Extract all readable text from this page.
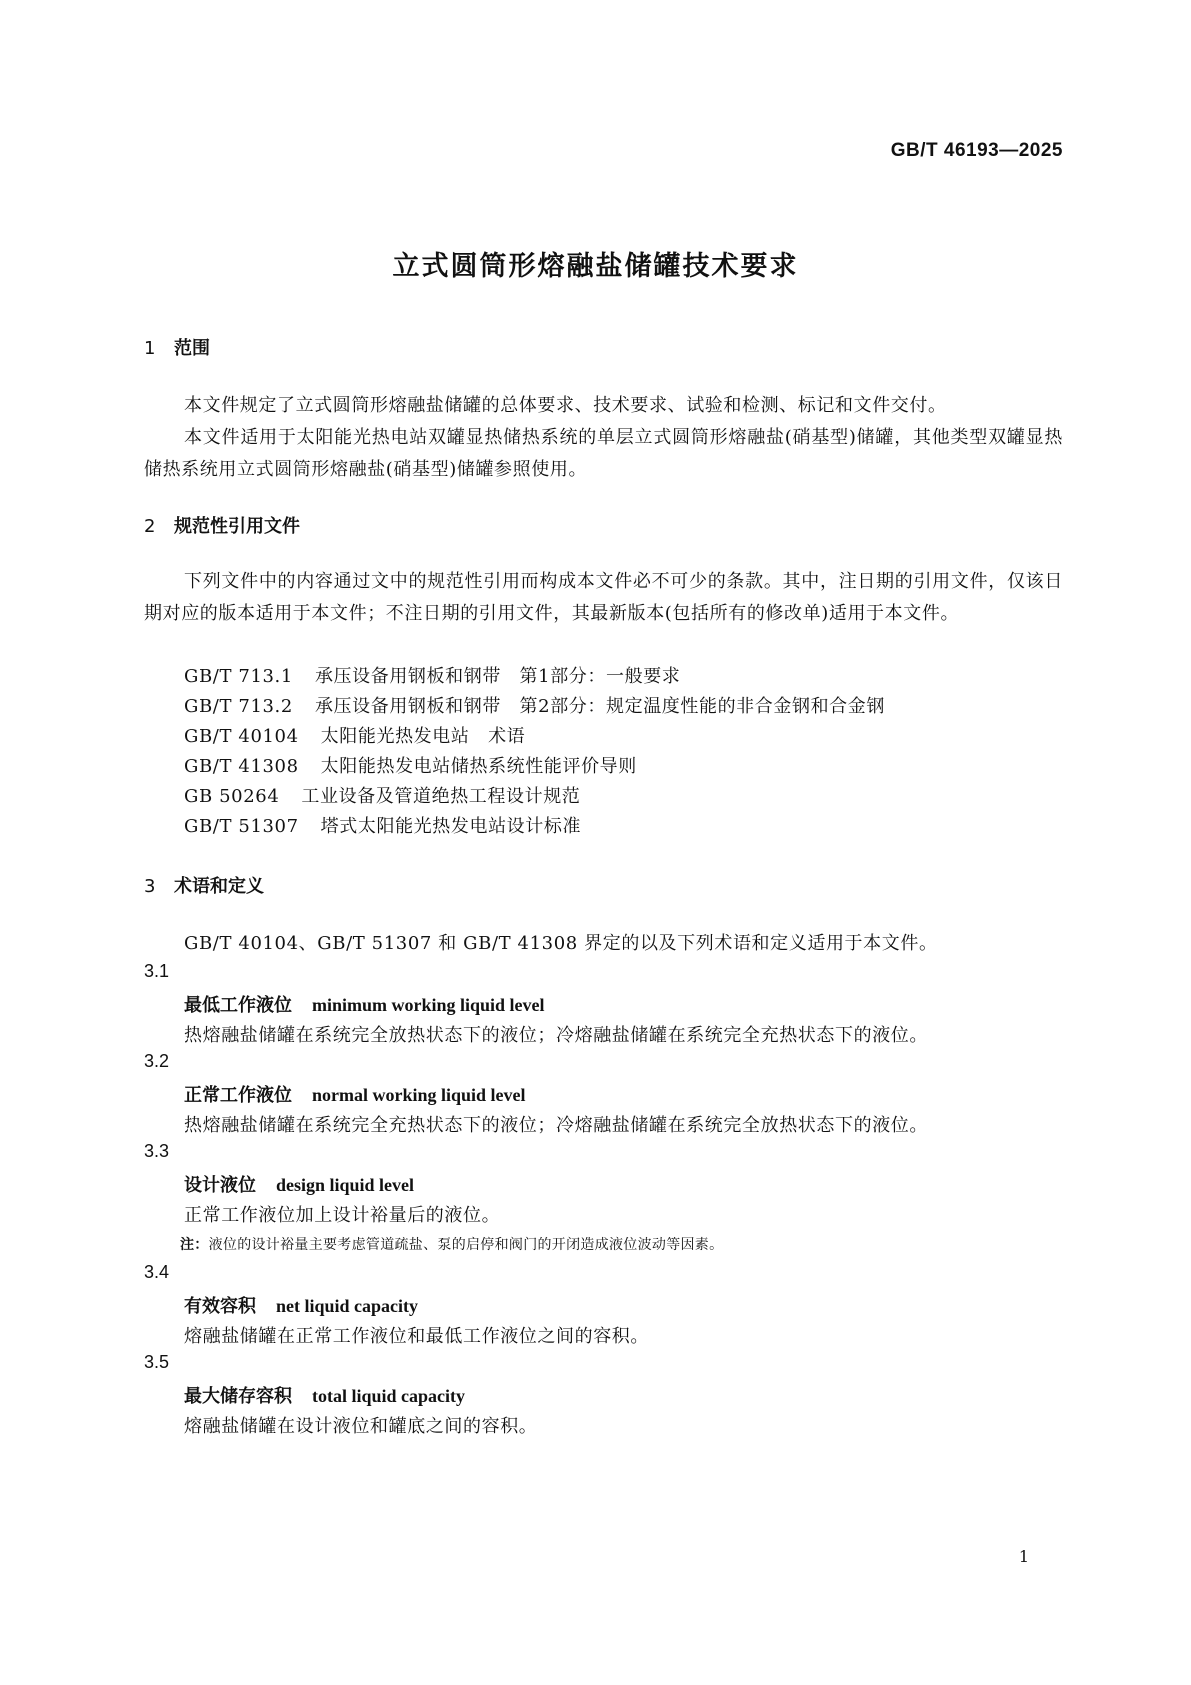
GB/T 46193—2025
立式圆筒形熔融盐储罐技术要求
1 范围
本文件规定了立式圆筒形熔融盐储罐的总体要求、技术要求、试验和检测、标记和文件交付。
本文件适用于太阳能光热电站双罐显热储热系统的单层立式圆筒形熔融盐(硝基型)储罐，其他类型双罐显热储热系统用立式圆筒形熔融盐(硝基型)储罐参照使用。
2 规范性引用文件
下列文件中的内容通过文中的规范性引用而构成本文件必不可少的条款。其中，注日期的引用文件，仅该日期对应的版本适用于本文件；不注日期的引用文件，其最新版本(包括所有的修改单)适用于本文件。
GB/T 713.1 承压设备用钢板和钢带　第1部分：一般要求
GB/T 713.2 承压设备用钢板和钢带　第2部分：规定温度性能的非合金钢和合金钢
GB/T 40104 太阳能光热发电站　术语
GB/T 41308 太阳能热发电站储热系统性能评价导则
GB 50264 工业设备及管道绝热工程设计规范
GB/T 51307 塔式太阳能光热发电站设计标准
3 术语和定义
GB/T 40104、GB/T 51307 和 GB/T 41308 界定的以及下列术语和定义适用于本文件。
3.1
最低工作液位 minimum working liquid level
热熔融盐储罐在系统完全放热状态下的液位；冷熔融盐储罐在系统完全充热状态下的液位。
3.2
正常工作液位 normal working liquid level
热熔融盐储罐在系统完全充热状态下的液位；冷熔融盐储罐在系统完全放热状态下的液位。
3.3
设计液位 design liquid level
正常工作液位加上设计裕量后的液位。
注：液位的设计裕量主要考虑管道疏盐、泵的启停和阀门的开闭造成液位波动等因素。
3.4
有效容积 net liquid capacity
熔融盐储罐在正常工作液位和最低工作液位之间的容积。
3.5
最大储存容积 total liquid capacity
熔融盐储罐在设计液位和罐底之间的容积。
1
